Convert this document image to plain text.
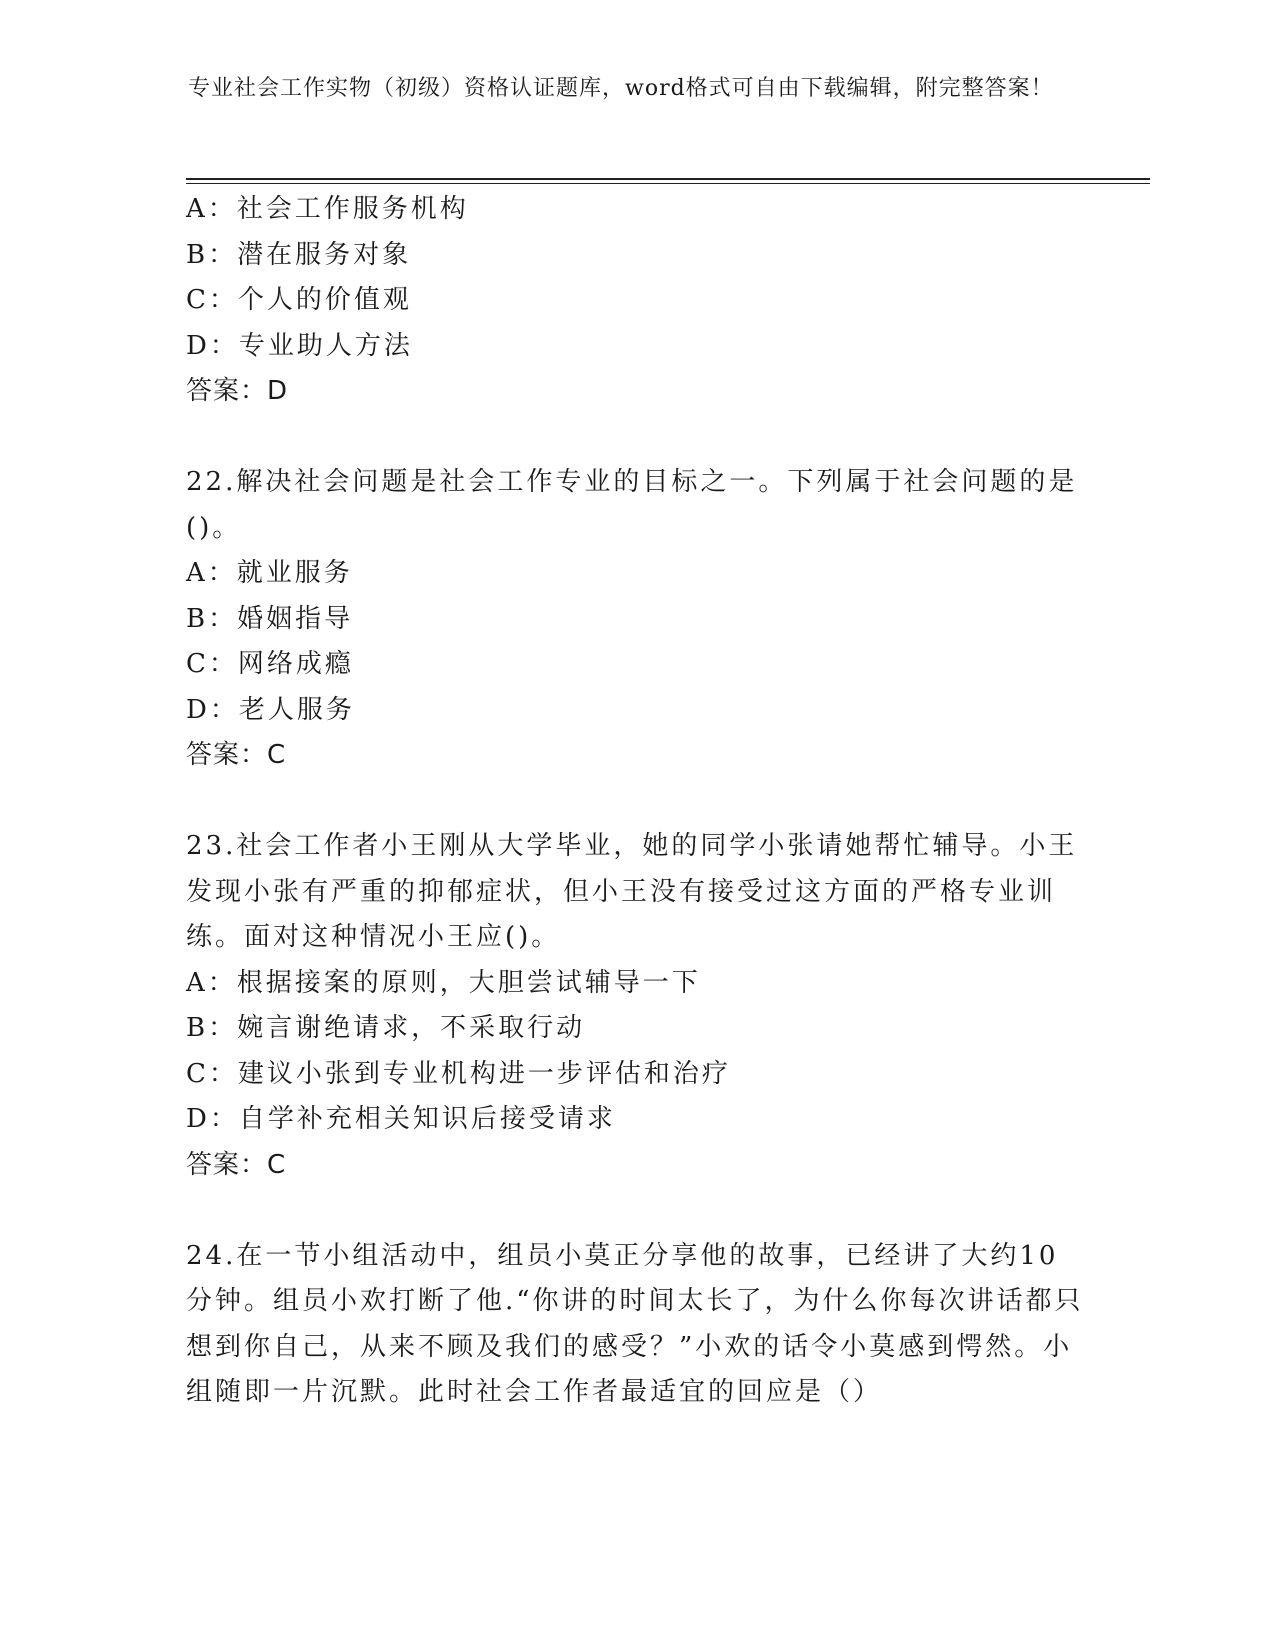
专业社会工作实物（初级）资格认证题库，word格式可自由下载编辑，附完整答案！
A：社会工作服务机构
B：潜在服务对象
C：个人的价值观
D：专业助人方法
答案：D
22.解决社会问题是社会工作专业的目标之一。下列属于社会问题的是()。
A：就业服务
B：婚姻指导
C：网络成瘾
D：老人服务
答案：C
23.社会工作者小王刚从大学毕业，她的同学小张请她帮忙辅导。小王发现小张有严重的抑郁症状，但小王没有接受过这方面的严格专业训练。面对这种情况小王应()。
A：根据接案的原则，大胆尝试辅导一下
B：婉言谢绝请求，不采取行动
C：建议小张到专业机构进一步评估和治疗
D：自学补充相关知识后接受请求
答案：C
24.在一节小组活动中，组员小莫正分享他的故事，已经讲了大约10分钟。组员小欢打断了他.“你讲的时间太长了，为什么你每次讲话都只想到你自己，从来不顾及我们的感受？”小欢的话令小莫感到愕然。小组随即一片沉默。此时社会工作者最适宜的回应是（）
